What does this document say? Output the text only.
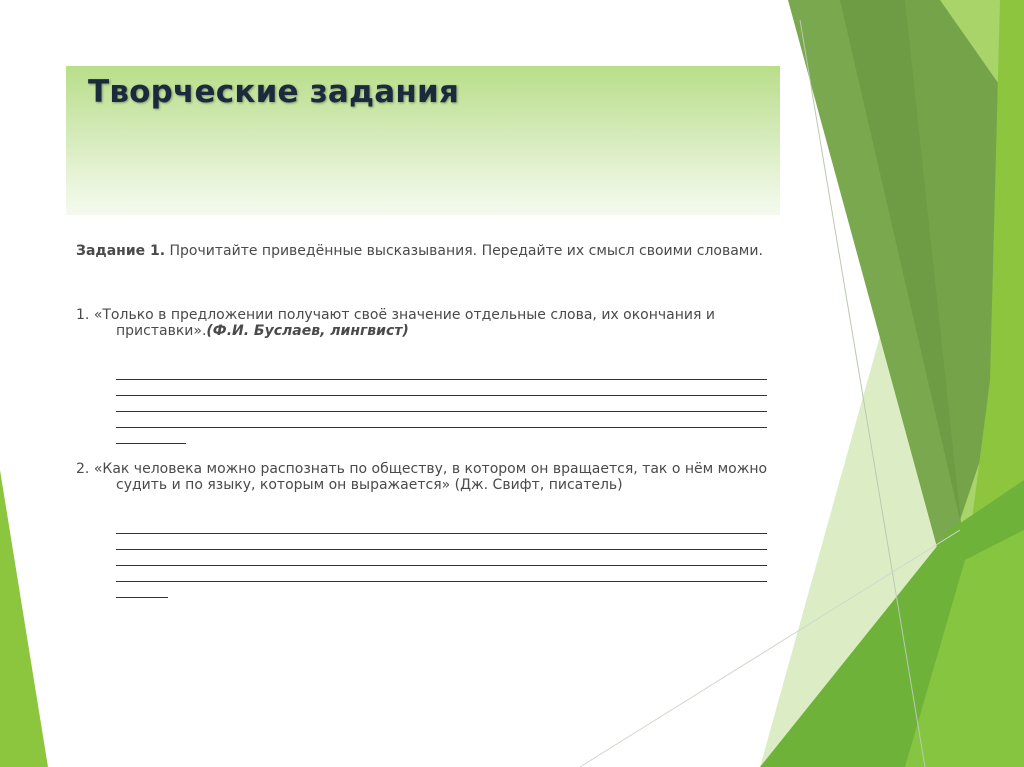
Творческие задания

Задание 1. Прочитайте приведённые высказывания. Передайте их смысл своими словами.

1. «Только в предложении получают своё значение отдельные слова, их окончания и приставки».(Ф.И. Буслаев, лингвист)

2. «Как человека можно распознать по обществу, в котором он вращается, так о нём можно судить и по языку, которым он выражается» (Дж. Свифт, писатель)
